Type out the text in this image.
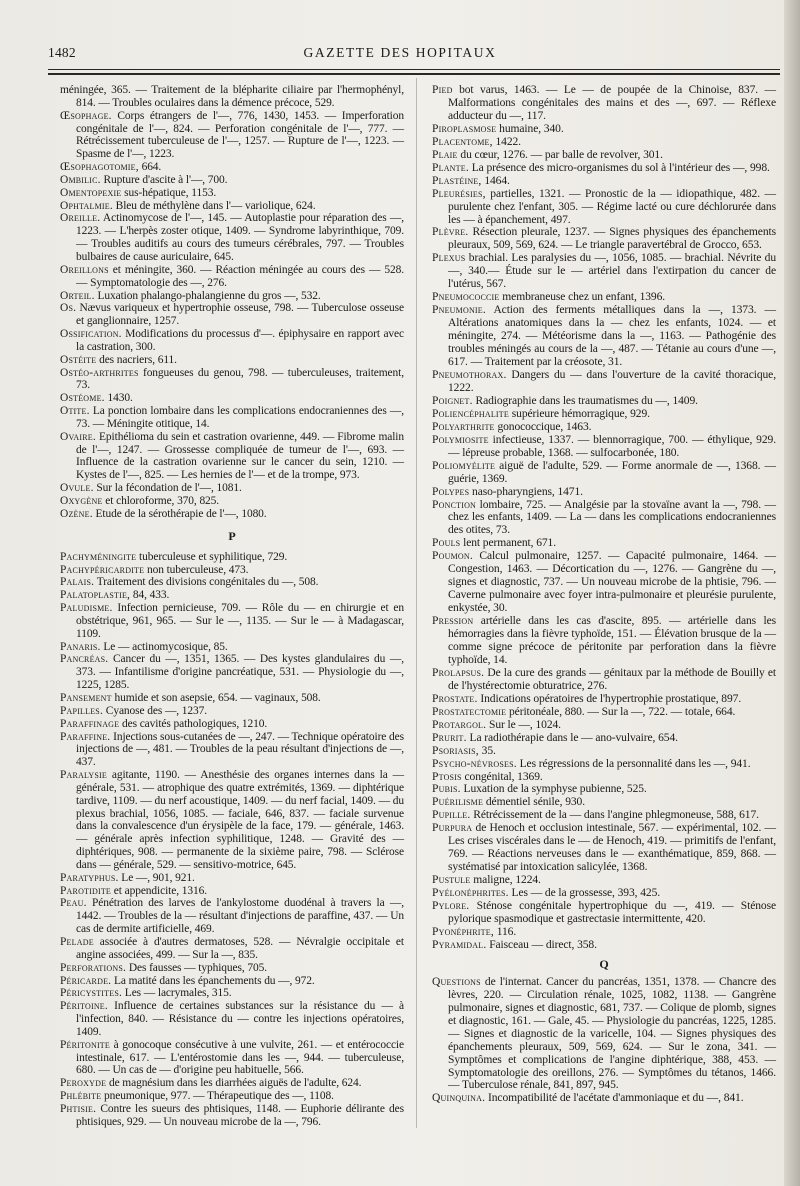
1482	GAZETTE DES HOPITAUX

méningée, 365. — Traitement de la blépharite ciliaire par l'hermophényl, 814. — Troubles oculaires dans la démence précoce, 529.

Œsophage. Corps étrangers de l'—, 776, 1430, 1453. — Imperforation congénitale de l'—, 824. — Perforation congénitale de l'—, 777. — Rétrécissement tuberculeuse de l'—, 1257. — Rupture de l'—, 1223. — Spasme de l'—, 1223.

Œsophagotomie, 664.

Ombilic. Rupture d'ascite à l'—, 700.

Omentopexie sus-hépatique, 1153.

Ophtalmie. Bleu de méthylène dans l'— variolique, 624.

Oreille. Actinomycose de l'—, 145. — Autoplastie pour réparation des —, 1223. — L'herpès zoster otique, 1409. — Syndrome labyrinthique, 709. — Troubles auditifs au cours des tumeurs cérébrales, 797. — Troubles bulbaires de cause auriculaire, 645.

Oreillons et méningite, 360. — Réaction méningée au cours des — 528. — Symptomatologie des —, 276.

Orteil. Luxation phalango-phalangienne du gros —, 532.

Os. Nævus variqueux et hypertrophie osseuse, 798. — Tuberculose osseuse et ganglionnaire, 1257.

Ossification. Modifications du processus d'—. épiphysaire en rapport avec la castration, 300.

Ostéite des nacriers, 611.

Ostéo-arthrites fongueuses du genou, 798. — tuberculeuses, traitement, 73.

Ostéome. 1430.

Otite. La ponction lombaire dans les complications endocraniennes des —, 73. — Méningite otitique, 14.

Ovaire. Epithélioma du sein et castration ovarienne, 449. — Fibrome malin de l'—, 1247. — Grossesse compliquée de tumeur de l'—, 693. — Influence de la castration ovarienne sur le cancer du sein, 1210. — Kystes de l'—, 825. — Les hernies de l'— et de la trompe, 973.

Ovule. Sur la fécondation de l'—, 1081.

Oxygène et chloroforme, 370, 825.

Ozène. Etude de la sérothérapie de l'—, 1080.

P

Pachyméningite tuberculeuse et syphilitique, 729.

Pachypéricardite non tuberculeuse, 473.

Palais. Traitement des divisions congénitales du —, 508.

Palatoplastie, 84, 433.

Paludisme. Infection pernicieuse, 709. — Rôle du — en chirurgie et en obstétrique, 961, 965. — Sur le —, 1135. — Sur le — à Madagascar, 1109.

Panaris. Le — actinomycosique, 85.

Pancréas. Cancer du —, 1351, 1365. — Des kystes glandulaires du —, 373. — Infantilisme d'origine pancréatique, 531. — Physiologie du —, 1225, 1285.

Pansement humide et son asepsie, 654. — vaginaux, 508.

Papilles. Cyanose des —, 1237.

Paraffinage des cavités pathologiques, 1210.

Paraffine. Injections sous-cutanées de —, 247. — Technique opératoire des injections de —, 481. — Troubles de la peau résultant d'injections de —, 437.

Paralysie agitante, 1190. — Anesthésie des organes internes dans la — générale, 531. — atrophique des quatre extrémités, 1369. — diphtérique tardive, 1109. — du nerf acoustique, 1409. — du nerf facial, 1409. — du plexus brachial, 1056, 1085. — faciale, 646, 837. — faciale survenue dans la convalescence d'un érysipèle de la face, 179. — générale, 1463. — générale après infection syphilitique, 1248. — Gravité des — diphtériques, 908. — permanente de la sixième paire, 798. — Sclérose dans — générale, 529. — sensitivo-motrice, 645.

Paratyphus. Le —, 901, 921.

Parotidite et appendicite, 1316.

Peau. Pénétration des larves de l'ankylostome duodénal à travers la —, 1442. — Troubles de la — résultant d'injections de paraffine, 437. — Un cas de dermite artificielle, 469.

Pelade associée à d'autres dermatoses, 528. — Névralgie occipitale et angine associées, 499. — Sur la —, 835.

Perforations. Des fausses — typhiques, 705.

Péricarde. La matité dans les épanchements du —, 972.

Péricystites. Les — lacrymales, 315.

Péritoine. Influence de certaines substances sur la résistance du — à l'infection, 840. — Résistance du — contre les injections opératoires, 1409.

Péritonite à gonocoque consécutive à une vulvite, 261. — et entérococcie intestinale, 617. — L'entérostomie dans les —, 944. — tuberculeuse, 680. — Un cas de — d'origine peu habituelle, 566.

Peroxyde de magnésium dans les diarrhées aiguës de l'adulte, 624.

Phlébite pneumonique, 977. — Thérapeutique des —, 1108.

Phtisie. Contre les sueurs des phtisiques, 1148. — Euphorie délirante des phtisiques, 929. — Un nouveau microbe de la —, 796.

Pied bot varus, 1463. — Le — de poupée de la Chinoise, 837. — Malformations congénitales des mains et des —, 697. — Réflexe adducteur du —, 117.

Piroplasmose humaine, 340.

Placentome, 1422.

Plaie du cœur, 1276. — par balle de revolver, 301.

Plante. La présence des micro-organismes du sol à l'intérieur des —, 998.

Plastéine, 1464.

Pleurésies, partielles, 1321. — Pronostic de la — idiopathique, 482. — purulente chez l'enfant, 305. — Régime lacté ou cure déchlorurée dans les — à épanchement, 497.

Plèvre. Résection pleurale, 1237. — Signes physiques des épanchements pleuraux, 509, 569, 624. — Le triangle paravertébral de Grocco, 653.

Plexus brachial. Les paralysies du —, 1056, 1085. — brachial. Névrite du —, 340.— Étude sur le — artériel dans l'extirpation du cancer de l'utérus, 567.

Pneumococcie membraneuse chez un enfant, 1396.

Pneumonie. Action des ferments métalliques dans la —, 1373. — Altérations anatomiques dans la — chez les enfants, 1024. — et méningite, 274. — Météorisme dans la —, 1163. — Pathogénie des troubles méningés au cours de la —, 487. — Tétanie au cours d'une —, 617. — Traitement par la créosote, 31.

Pneumothorax. Dangers du — dans l'ouverture de la cavité thoracique, 1222.

Poignet. Radiographie dans les traumatismes du —, 1409.

Poliencéphalite supérieure hémorragique, 929.

Polyarthrite gonococcique, 1463.

Polymiosite infectieuse, 1337. — blennorragique, 700. — éthylique, 929. — lépreuse probable, 1368. — sulfocarbonée, 180.

Poliomyélite aiguë de l'adulte, 529. — Forme anormale de —, 1368. — guérie, 1369.

Polypes naso-pharyngiens, 1471.

Ponction lombaire, 725. — Analgésie par la stovaïne avant la —, 798. — chez les enfants, 1409. — La — dans les complications endocraniennes des otites, 73.

Pouls lent permanent, 671.

Poumon. Calcul pulmonaire, 1257. — Capacité pulmonaire, 1464. — Congestion, 1463. — Décortication du —, 1276. — Gangrène du —, signes et diagnostic, 737. — Un nouveau microbe de la phtisie, 796. — Caverne pulmonaire avec foyer intra-pulmonaire et pleurésie purulente, enkystée, 30.

Pression artérielle dans les cas d'ascite, 895. — artérielle dans les hémorragies dans la fièvre typhoïde, 151. — Élévation brusque de la — comme signe précoce de péritonite par perforation dans la fièvre typhoïde, 14.

Prolapsus. De la cure des grands — génitaux par la méthode de Bouilly et de l'hystérectomie obturatrice, 276.

Prostate. Indications opératoires de l'hypertrophie prostatique, 897.

Prostatectomie péritonéale, 880. — Sur la —, 722. — totale, 664.

Protargol. Sur le —, 1024.

Prurit. La radiothérapie dans le — ano-vulvaire, 654.

Psoriasis, 35.

Psycho-névroses. Les régressions de la personnalité dans les —, 941.

Ptosis congénital, 1369.

Pubis. Luxation de la symphyse pubienne, 525.

Puérilisme démentiel sénile, 930.

Pupille. Rétrécissement de la — dans l'angine phlegmoneuse, 588, 617.

Purpura de Henoch et occlusion intestinale, 567. — expérimental, 102. — Les crises viscérales dans le — de Henoch, 419. — primitifs de l'enfant, 769. — Réactions nerveuses dans le — exanthématique, 859, 868. — systématisé par intoxication salicylée, 1368.

Pustule maligne, 1224.

Pyélonéphrites. Les — de la grossesse, 393, 425.

Pylore. Sténose congénitale hypertrophique du —, 419. — Sténose pylorique spasmodique et gastrectasie intermittente, 420.

Pyonéphrite, 116.

Pyramidal. Faisceau — direct, 358.

Q

Questions de l'internat. Cancer du pancréas, 1351, 1378. — Chancre des lèvres, 220. — Circulation rénale, 1025, 1082, 1138. — Gangrène pulmonaire, signes et diagnostic, 681, 737. — Colique de plomb, signes et diagnostic, 161. — Gale, 45. — Physiologie du pancréas, 1225, 1285. — Signes et diagnostic de la varicelle, 104. — Signes physiques des épanchements pleuraux, 509, 569, 624. — Sur le zona, 341. — Symptômes et complications de l'angine diphtérique, 388, 453. — Symptomatologie des oreillons, 276. — Symptômes du tétanos, 1466. — Tuberculose rénale, 841, 897, 945.

Quinquina. Incompatibilité de l'acétate d'ammoniaque et du —, 841.
